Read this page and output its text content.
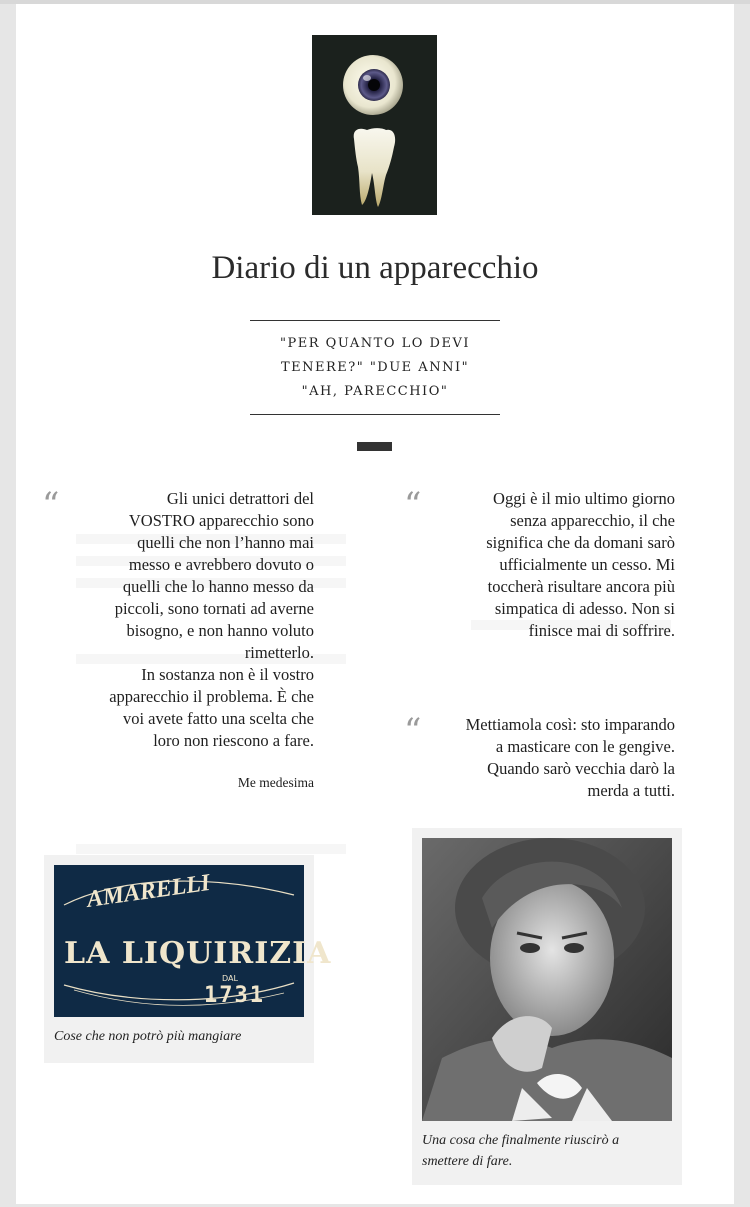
Diario di un apparecchio
"PER QUANTO LO DEVI
TENERE?" "DUE ANNI"
"AH, PARECCHIO"

“	Gli unici detrattori del

VOSTRO apparecchio sono

quelli che non l’hanno mai

messo e avrebbero dovuto o

quelli che lo hanno messo da

piccoli, sono tornati ad averne

bisogno, e non hanno voluto

rimetterlo.

In sostanza non è il vostro

apparecchio il problema. È che

voi avete fatto una scelta che

loro non riescono a fare.

Me medesima
“	Oggi è il mio ultimo giorno

senza apparecchio, il che

significa che da domani sarò

ufficialmente un cesso. Mi

toccherà risultare ancora più

simpatica di adesso. Non si

finisce mai di soffrire.

“	Mettiamola così: sto imparando

a masticare con le gengive.

Quando sarò vecchia darò la

merda a tutti.

AMARELLI
LA LIQUIRIZIA
DAL
1731
Cose che non potrò più mangiare
Una cosa che finalmente riuscirò a
smettere di fare.
